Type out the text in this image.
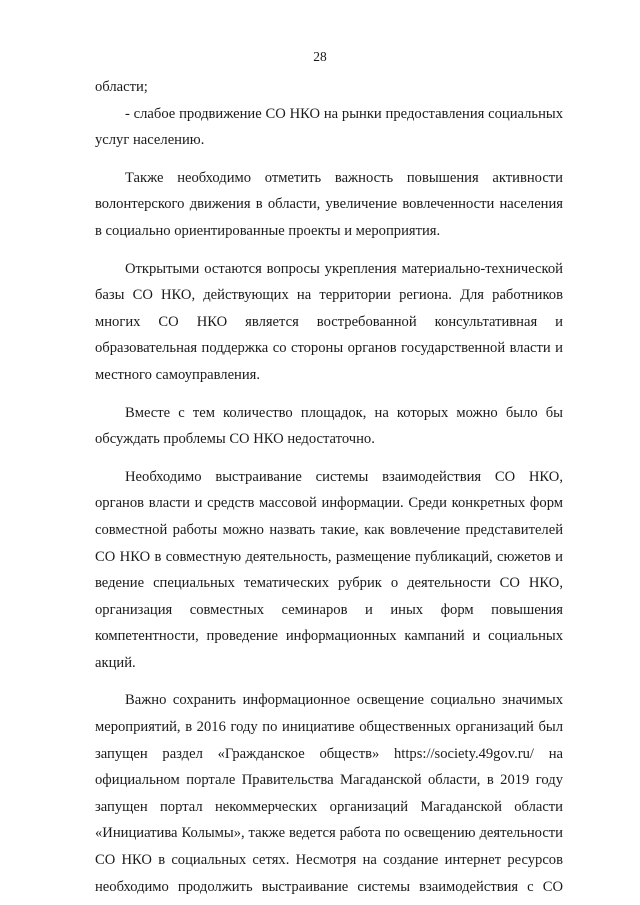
28

области;

- слабое продвижение СО НКО на рынки предоставления социальных услуг населению.

Также необходимо отметить важность повышения активности волонтерского движения в области, увеличение вовлеченности населения в социально ориентированные проекты и мероприятия.

Открытыми остаются вопросы укрепления материально-технической базы СО НКО, действующих на территории региона. Для работников многих СО НКО является востребованной консультативная и образовательная поддержка со стороны органов государственной власти и местного самоуправления.

Вместе с тем количество площадок, на которых можно было бы обсуждать проблемы СО НКО недостаточно.

Необходимо выстраивание системы взаимодействия СО НКО, органов власти и средств массовой информации. Среди конкретных форм совместной работы можно назвать такие, как вовлечение представителей СО НКО в совместную деятельность, размещение публикаций, сюжетов и ведение специальных тематических рубрик о деятельности СО НКО, организация совместных семинаров и иных форм повышения компетентности, проведение информационных кампаний и социальных акций.

Важно сохранить информационное освещение социально значимых мероприятий, в 2016 году по инициативе общественных организаций был запущен раздел «Гражданское обществ» https://society.49gov.ru/ на официальном портале Правительства Магаданской области, в 2019 году запущен портал некоммерческих организаций Магаданской области «Инициатива Колымы», также ведется работа по освещению деятельности СО НКО в социальных сетях. Несмотря на создание интернет ресурсов необходимо продолжить выстраивание системы взаимодействия с СО
